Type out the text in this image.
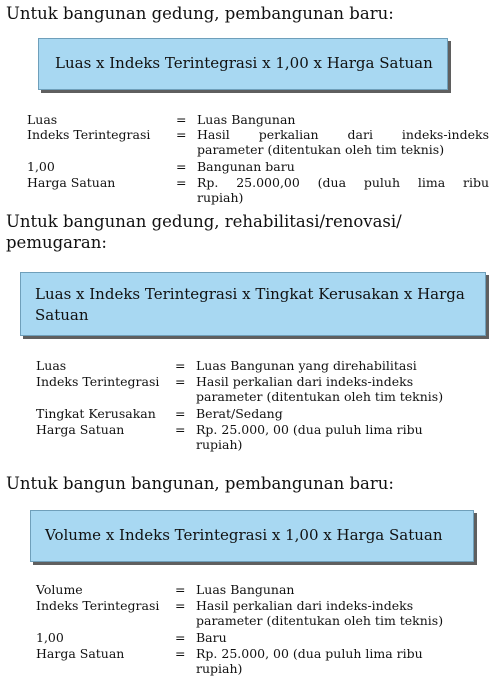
Untuk bangunan gedung, pembangunan baru:
Luas x Indeks Terintegrasi x 1,00 x Harga Satuan
Luas	= Luas Bangunan
Indeks Terintegrasi = Hasil perkalian dari indeks-indeks
parameter (ditentukan oleh tim teknis)
1,00	= Bangunan baru
Harga Satuan	= Rp. 25.000,00 (dua puluh lima ribu
rupiah)
Untuk bangunan gedung, rehabilitasi/renovasi/
pemugaran:
Luas x Indeks Terintegrasi x Tingkat Kerusakan x Harga
Satuan
Luas	= Luas Bangunan yang direhabilitasi
Indeks Terintegrasi = Hasil perkalian dari indeks-indeks
parameter (ditentukan oleh tim teknis)
Tingkat Kerusakan = Berat/Sedang
Harga Satuan	= Rp. 25.000, 00 (dua puluh lima ribu
rupiah)
Untuk bangun bangunan, pembangunan baru:
Volume x Indeks Terintegrasi x 1,00 x Harga Satuan
Volume	= Luas Bangunan
Indeks Terintegrasi = Hasil perkalian dari indeks-indeks
parameter (ditentukan oleh tim teknis)
1,00	= Baru
Harga Satuan	= Rp. 25.000, 00 (dua puluh lima ribu
rupiah)
